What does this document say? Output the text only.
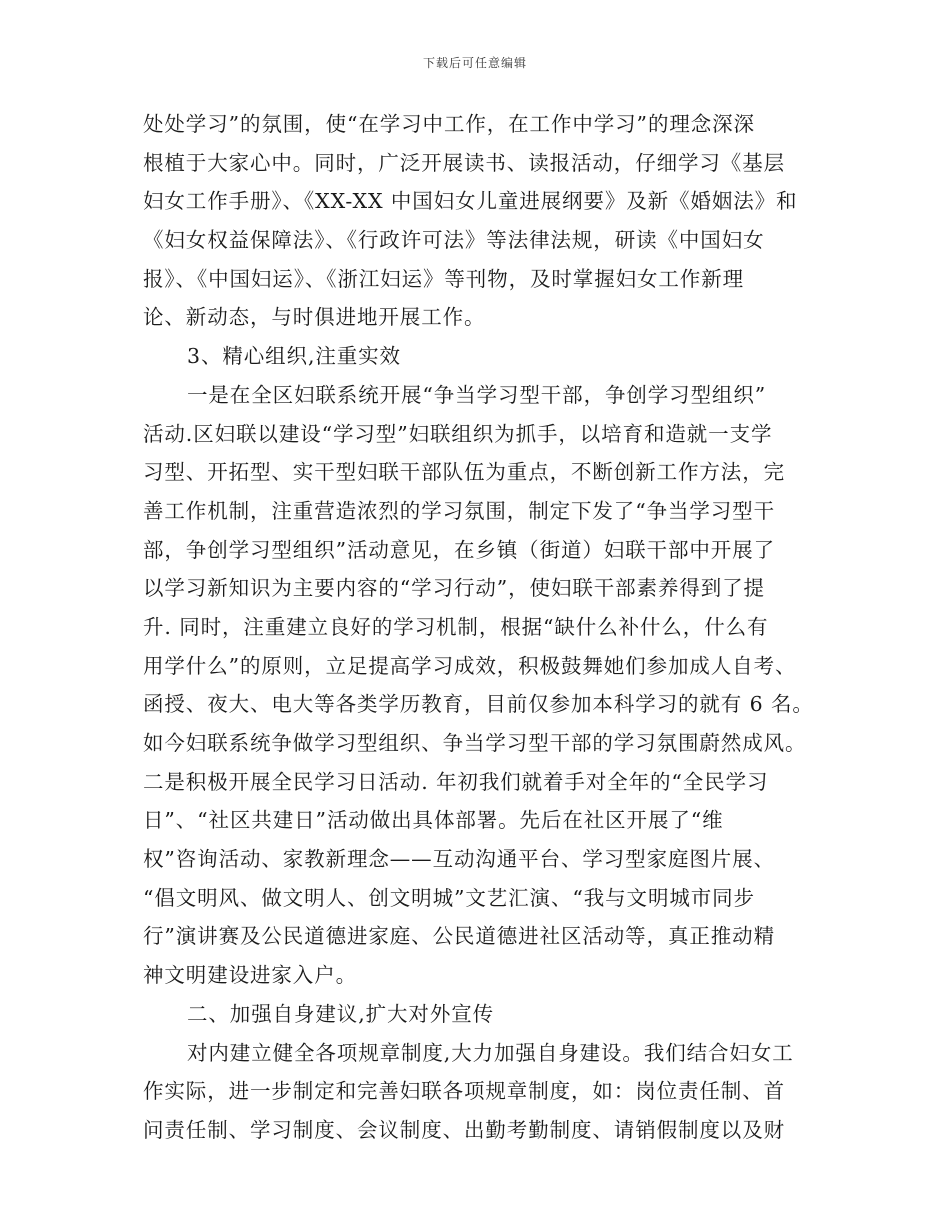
下载后可任意编辑
处处学习”的氛围，使“在学习中工作，在工作中学习”的理念深深
根植于大家心中。同时，广泛开展读书、读报活动，仔细学习《基层
妇女工作手册》、《XX-XX 中国妇女儿童进展纲要》及新《婚姻法》和
《妇女权益保障法》、《行政许可法》等法律法规，研读《中国妇女
报》、《中国妇运》、《浙江妇运》等刊物，及时掌握妇女工作新理
论、新动态，与时俱进地开展工作。
3、精心组织,注重实效
一是在全区妇联系统开展“争当学习型干部，争创学习型组织”
活动.区妇联以建设“学习型”妇联组织为抓手，以培育和造就一支学
习型、开拓型、实干型妇联干部队伍为重点，不断创新工作方法，完
善工作机制，注重营造浓烈的学习氛围，制定下发了“争当学习型干
部，争创学习型组织”活动意见，在乡镇（街道）妇联干部中开展了
以学习新知识为主要内容的“学习行动”，使妇联干部素养得到了提
升. 同时，注重建立良好的学习机制，根据“缺什么补什么，什么有
用学什么”的原则，立足提高学习成效，积极鼓舞她们参加成人自考、
函授、夜大、电大等各类学历教育，目前仅参加本科学习的就有 6 名。
如今妇联系统争做学习型组织、争当学习型干部的学习氛围蔚然成风。
二是积极开展全民学习日活动. 年初我们就着手对全年的“全民学习
日”、“社区共建日”活动做出具体部署。先后在社区开展了“维
权”咨询活动、家教新理念——互动沟通平台、学习型家庭图片展、
“倡文明风、做文明人、创文明城”文艺汇演、“我与文明城市同步
行”演讲赛及公民道德进家庭、公民道德进社区活动等，真正推动精
神文明建设进家入户。
二、加强自身建议,扩大对外宣传
对内建立健全各项规章制度,大力加强自身建设。我们结合妇女工
作实际，进一步制定和完善妇联各项规章制度，如：岗位责任制、首
问责任制、学习制度、会议制度、出勤考勤制度、请销假制度以及财
